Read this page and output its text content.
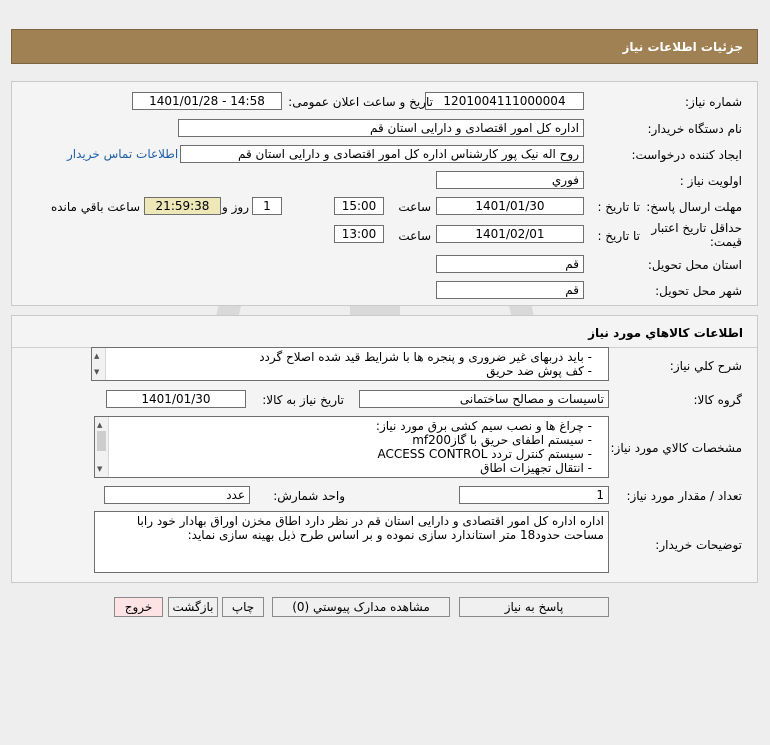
جزئیات اطلاعات نیاز
شماره نیاز:
1201004111000004
تاریخ و ساعت اعلان عمومی:
1401/01/28 - 14:58
نام دستگاه خریدار:
اداره کل امور اقتصادی و دارایی استان قم
ایجاد کننده درخواست:
روح اله نیک پور کارشناس اداره کل امور اقتصادی و دارایی استان قم
اطلاعات تماس خریدار
اولویت نیاز :
فوري
مهلت ارسال پاسخ:
تا تاریخ :
1401/01/30
ساعت
15:00
1
روز و
21:59:38
ساعت باقي مانده
حداقل تاریخ اعتبار
قیمت:
تا تاریخ :
1401/02/01
ساعت
13:00
استان محل تحویل:
قم
شهر محل تحویل:
قم
اطلاعات کالاهاي مورد نیاز
شرح کلي نیاز:
- باید دربهای غیر ضروری و پنجره ها با شرایط قید شده اصلاح گردد
- کف پوش ضد حریق
▲
▼
گروه کالا:
تاسیسات و مصالح ساختمانی
تاریخ نیاز به کالا:
1401/01/30
مشخصات کالاي مورد نیاز:
- چراغ ها و نصب سیم کشی برق مورد نیاز:
- سیستم اطفای حریق با گازmf200
- سیستم کنترل تردد ACCESS CONTROL
- انتقال تجهیزات اطاق
▲
▼
تعداد / مقدار مورد نیاز:
1
واحد شمارش:
عدد
توضیحات خریدار:
اداره اداره کل امور اقتصادی و دارایی استان قم در نظر دارد اطاق مخزن اوراق بهادار خود رابا مساحت حدود18 متر استاندارد سازی نموده و بر اساس طرح ذیل بهینه سازی نماید:
پاسخ به نیاز
مشاهده مدارک پیوستي (0)
چاپ
بازگشت
خروج
